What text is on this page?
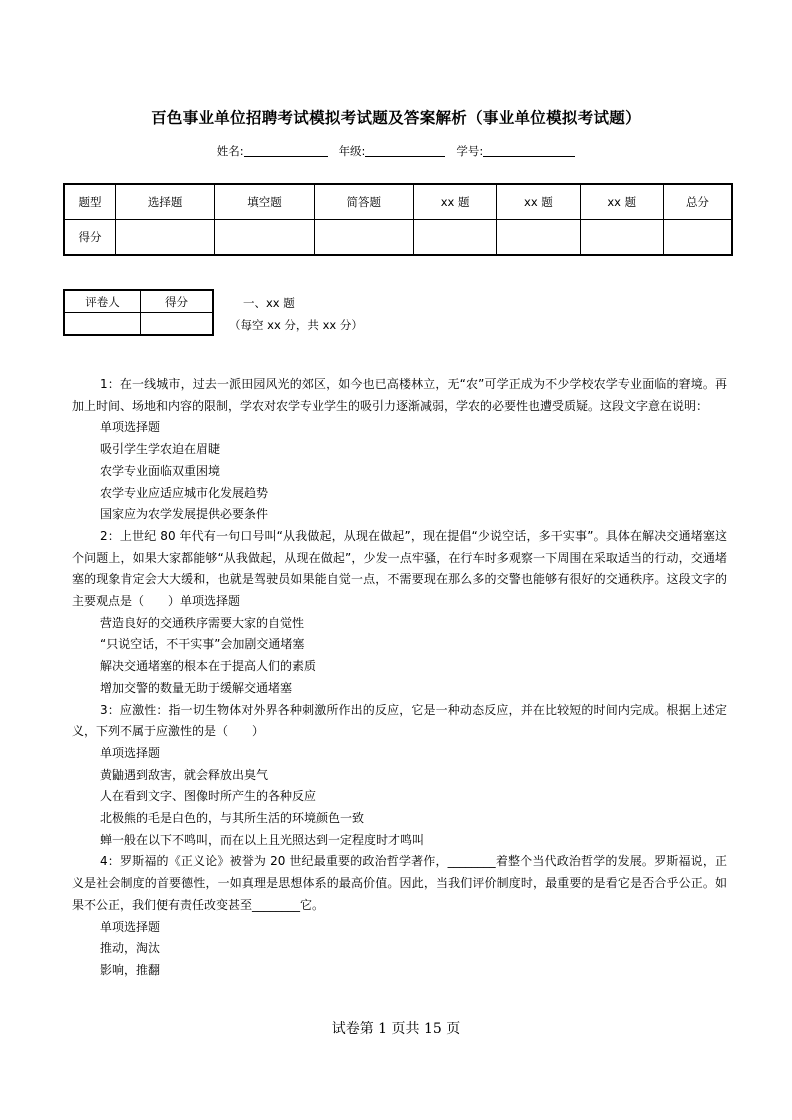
百色事业单位招聘考试模拟考试题及答案解析（事业单位模拟考试题）
姓名:	年级:	学号:
题型	选择题	填空题	简答题	xx 题	xx 题	xx 题	总分
得分							
评卷人	得分
		一、xx 题
（每空 xx 分，共 xx 分）

1：在一线城市，过去一派田园风光的郊区，如今也已高楼林立，无“农”可学正成为不少学校农学专业面临的窘境。再加上时间、场地和内容的限制，学农对农学专业学生的吸引力逐渐减弱，学农的必要性也遭受质疑。这段文字意在说明：

单项选择题

吸引学生学农迫在眉睫

农学专业面临双重困境

农学专业应适应城市化发展趋势

国家应为农学发展提供必要条件

2：上世纪 80 年代有一句口号叫“从我做起，从现在做起”，现在提倡“少说空话，多干实事”。具体在解决交通堵塞这个问题上，如果大家都能够“从我做起，从现在做起”，少发一点牢骚，在行车时多观察一下周围在采取适当的行动，交通堵塞的现象肯定会大大缓和，也就是驾驶员如果能自觉一点，不需要现在那么多的交警也能够有很好的交通秩序。这段文字的主要观点是（　　）单项选择题

营造良好的交通秩序需要大家的自觉性

“只说空话，不干实事”会加剧交通堵塞

解决交通堵塞的根本在于提高人们的素质

增加交警的数量无助于缓解交通堵塞

3：应激性：指一切生物体对外界各种刺激所作出的反应，它是一种动态反应，并在比较短的时间内完成。根据上述定义，下列不属于应激性的是（　　）

单项选择题

黄鼬遇到敌害，就会释放出臭气

人在看到文字、图像时所产生的各种反应

北极熊的毛是白色的，与其所生活的环境颜色一致

蝉一般在以下不鸣叫，而在以上且光照达到一定程度时才鸣叫

4：罗斯福的《正义论》被誉为 20 世纪最重要的政治哲学著作，________着整个当代政治哲学的发展。罗斯福说，正义是社会制度的首要德性，一如真理是思想体系的最高价值。因此，当我们评价制度时，最重要的是看它是否合乎公正。如果不公正，我们便有责任改变甚至________它。

单项选择题

推动，淘汰

影响，推翻

试卷第 1 页共 15 页
